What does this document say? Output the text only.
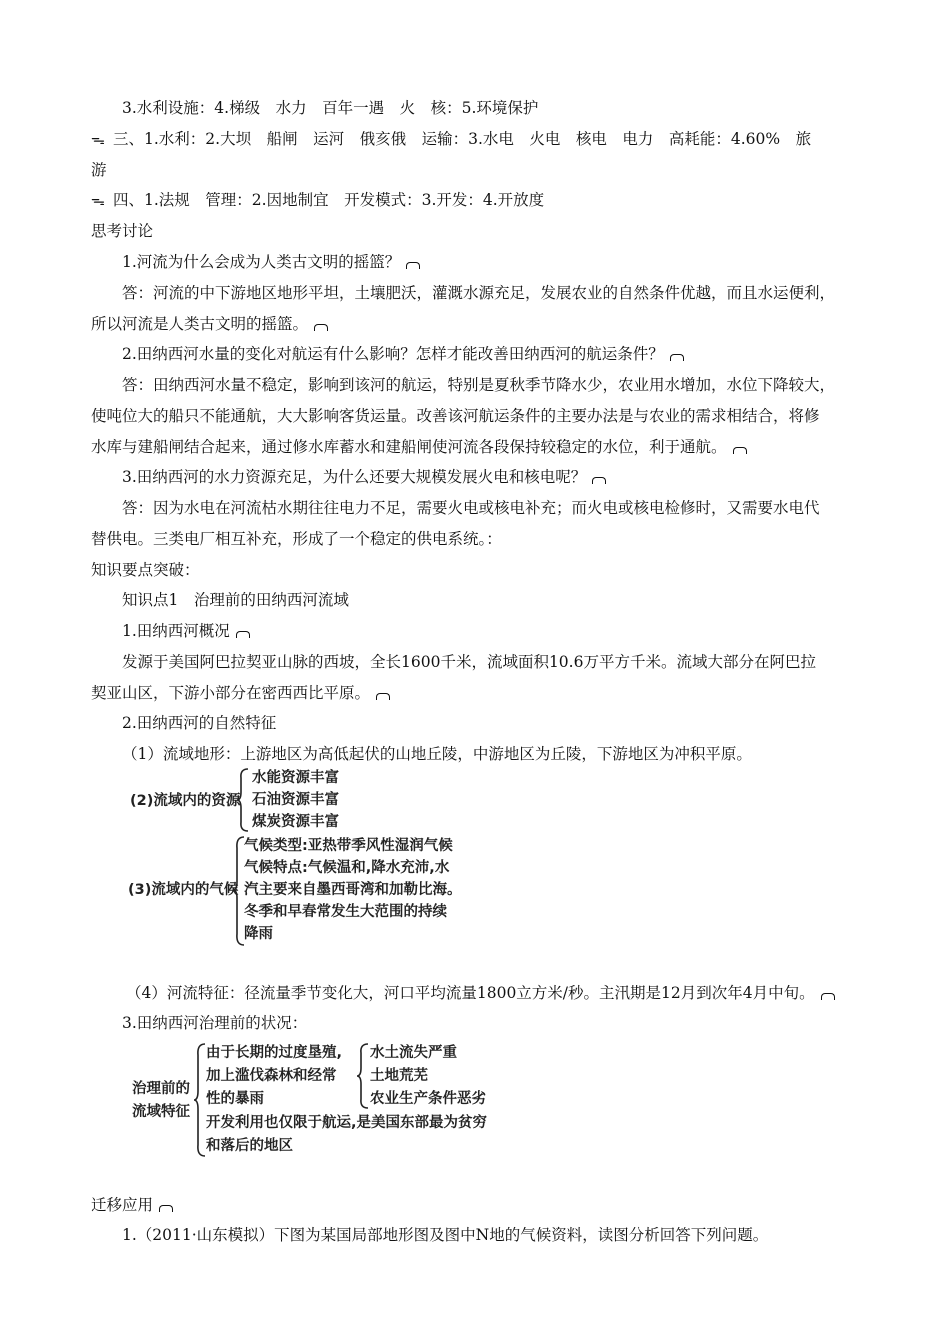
3.水利设施：4.梯级　水力　百年一遇　火　核：5.环境保护
ᯓ 三、1.水利：2.大坝　船闸　运河　俄亥俄　运输：3.水电　火电　核电　电力　高耗能：4.60%　旅
游
ᯓ 四、1.法规　管理：2.因地制宜　开发模式：3.开发：4.开放度
思考讨论
1.河流为什么会成为人类古文明的摇篮？
答：河流的中下游地区地形平坦，土壤肥沃，灌溉水源充足，发展农业的自然条件优越，而且水运便利，
所以河流是人类古文明的摇篮。
2.田纳西河水量的变化对航运有什么影响？怎样才能改善田纳西河的航运条件？
答：田纳西河水量不稳定，影响到该河的航运，特别是夏秋季节降水少，农业用水增加，水位下降较大，
使吨位大的船只不能通航，大大影响客货运量。改善该河航运条件的主要办法是与农业的需求相结合，将修
水库与建船闸结合起来，通过修水库蓄水和建船闸使河流各段保持较稳定的水位，利于通航。
3.田纳西河的水力资源充足，为什么还要大规模发展火电和核电呢？
答：因为水电在河流枯水期往往电力不足，需要火电或核电补充；而火电或核电检修时，又需要水电代
替供电。三类电厂相互补充，形成了一个稳定的供电系统。：
知识要点突破：
知识点1　治理前的田纳西河流域
1.田纳西河概况
发源于美国阿巴拉契亚山脉的西坡，全长1600千米，流域面积10.6万平方千米。流域大部分在阿巴拉
契亚山区，下游小部分在密西西比平原。
2.田纳西河的自然特征
（1）流域地形：上游地区为高低起伏的山地丘陵，中游地区为丘陵，下游地区为冲积平原。
(2)流域内的资源
水能资源丰富
石油资源丰富
煤炭资源丰富
(3)流域内的气候
气候类型:亚热带季风性湿润气候
气候特点:气候温和,降水充沛,水
汽主要来自墨西哥湾和加勒比海。
冬季和早春常发生大范围的持续
降雨
（4）河流特征：径流量季节变化大，河口平均流量1800立方米/秒。主汛期是12月到次年4月中旬。
3.田纳西河治理前的状况：
治理前的
流域特征
由于长期的过度垦殖,
加上滥伐森林和经常
性的暴雨
水土流失严重
土地荒芜
农业生产条件恶劣
开发利用也仅限于航运,是美国东部最为贫穷
和落后的地区
迁移应用
1.（2011·山东模拟）下图为某国局部地形图及图中N地的气候资料，读图分析回答下列问题。
